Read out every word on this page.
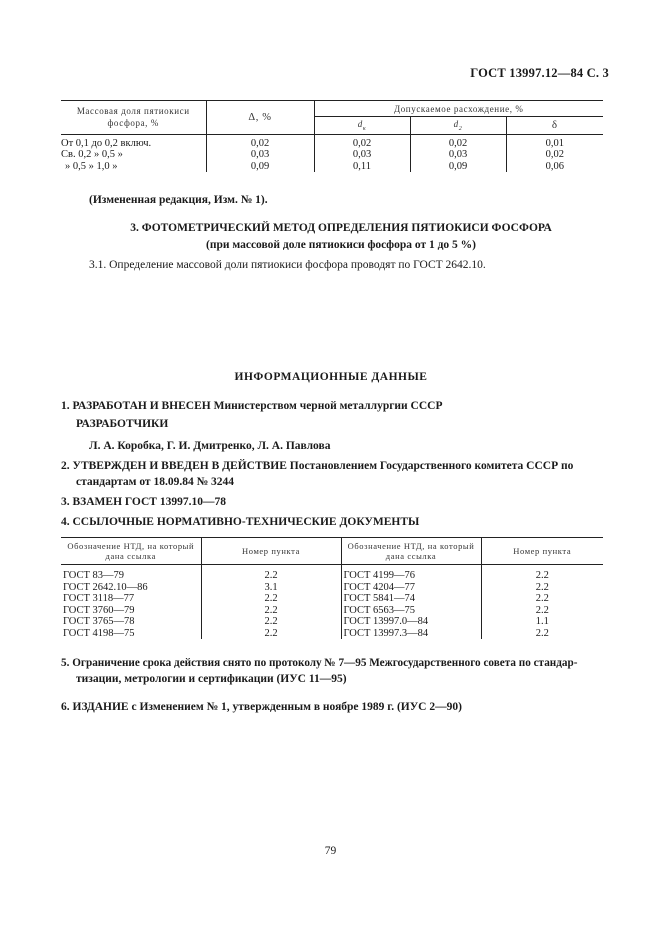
ГОСТ 13997.12—84 С. 3
Массовая доля пятиокиси фосфора, %	Δ, %	Допускаемое расхождение, %		
		$d_к$	$d_2$	δ
От 0,1 до 0,2 включ.	0,02	0,02	0,02	0,01
Св. 0,2 » 0,5 »	0,03	0,03	0,03	0,02
» 0,5 » 1,0 »	0,09	0,11	0,09	0,06
(Измененная редакция, Изм. № 1).
3. ФОТОМЕТРИЧЕСКИЙ МЕТОД ОПРЕДЕЛЕНИЯ ПЯТИОКИСИ ФОСФОРА
(при массовой доле пятиокиси фосфора от 1 до 5 %)
3.1. Определение массовой доли пятиокиси фосфора проводят по ГОСТ 2642.10.
ИНФОРМАЦИОННЫЕ ДАННЫЕ
1. РАЗРАБОТАН И ВНЕСЕН Министерством черной металлургии СССР
РАЗРАБОТЧИКИ
Л. А. Коробка, Г. И. Дмитренко, Л. А. Павлова
2. УТВЕРЖДЕН И ВВЕДЕН В ДЕЙСТВИЕ Постановлением Государственного комитета СССР по
стандартам от 18.09.84 № 3244
3. ВЗАМЕН ГОСТ 13997.10—78
4. ССЫЛОЧНЫЕ НОРМАТИВНО-ТЕХНИЧЕСКИЕ ДОКУМЕНТЫ
Обозначение НТД, на который дана ссылка	Номер пункта	Обозначение НТД, на который дана ссылка	Номер пункта
ГОСТ 83—79	2.2	ГОСТ 4199—76	2.2
ГОСТ 2642.10—86	3.1	ГОСТ 4204—77	2.2
ГОСТ 3118—77	2.2	ГОСТ 5841—74	2.2
ГОСТ 3760—79	2.2	ГОСТ 6563—75	2.2
ГОСТ 3765—78	2.2	ГОСТ 13997.0—84	1.1
ГОСТ 4198—75	2.2	ГОСТ 13997.3—84	2.2
5. Ограничение срока действия снято по протоколу № 7—95 Межгосударственного совета по стандар-
тизации, метрологии и сертификации (ИУС 11—95)
6. ИЗДАНИЕ с Изменением № 1, утвержденным в ноябре 1989 г. (ИУС 2—90)
79
